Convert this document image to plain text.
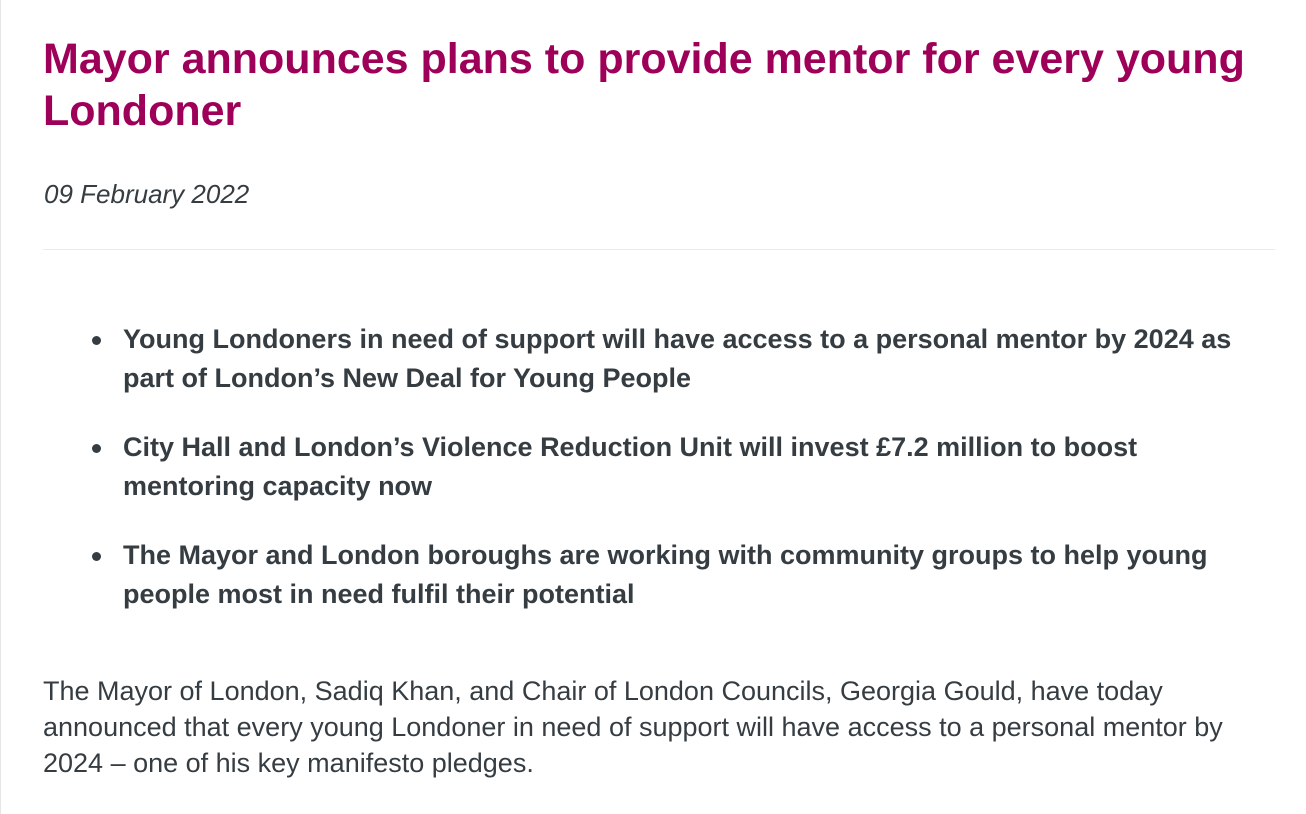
Mayor announces plans to provide mentor for every young Londoner
09 February 2022
Young Londoners in need of support will have access to a personal mentor by 2024 as part of London’s New Deal for Young People
City Hall and London’s Violence Reduction Unit will invest £7.2 million to boost mentoring capacity now
The Mayor and London boroughs are working with community groups to help young people most in need fulfil their potential

The Mayor of London, Sadiq Khan, and Chair of London Councils, Georgia Gould, have today announced that every young Londoner in need of support will have access to a personal mentor by 2024 – one of his key manifesto pledges.
